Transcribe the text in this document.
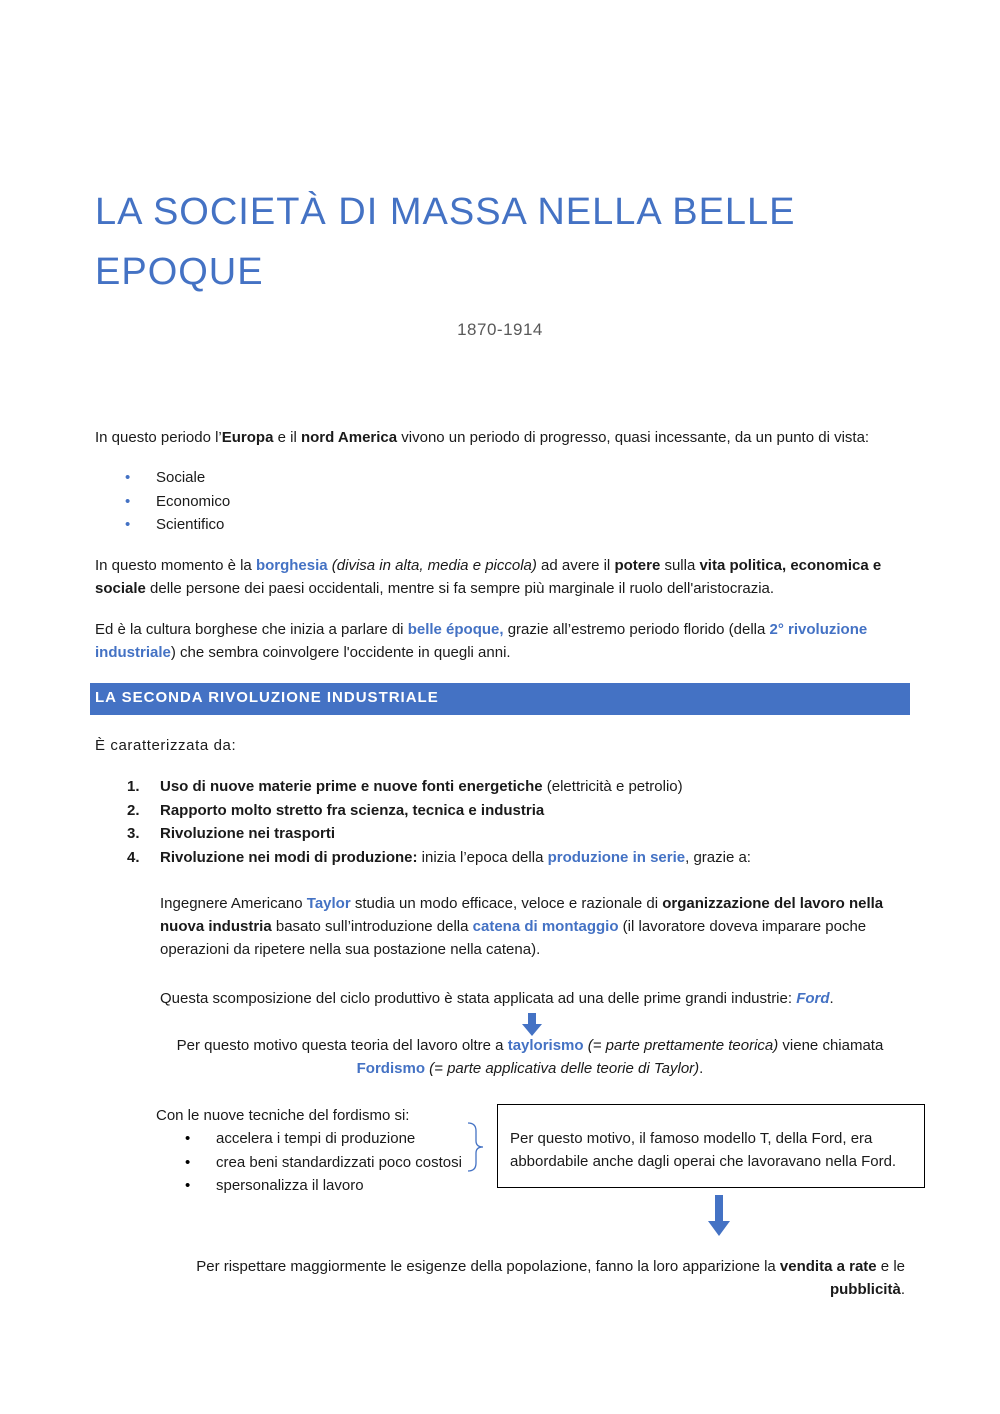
LA SOCIETÀ DI MASSA NELLA BELLE
EPOQUE
1870-1914
In questo periodo l’Europa e il nord America vivono un periodo di progresso, quasi incessante, da un punto di vista:
• Sociale
• Economico
• Scientifico
In questo momento è la borghesia (divisa in alta, media e piccola) ad avere il potere sulla vita politica, economica e
sociale delle persone dei paesi occidentali, mentre si fa sempre più marginale il ruolo dell'aristocrazia.
Ed è la cultura borghese che inizia a parlare di belle époque, grazie all’estremo periodo florido (della 2° rivoluzione
industriale) che sembra coinvolgere l'occidente in quegli anni.
LA SECONDA RIVOLUZIONE INDUSTRIALE
È caratterizzata da:
1. Uso di nuove materie prime e nuove fonti energetiche (elettricità e petrolio)
2. Rapporto molto stretto fra scienza, tecnica e industria
3. Rivoluzione nei trasporti
4. Rivoluzione nei modi di produzione: inizia l’epoca della produzione in serie, grazie a:
Ingegnere Americano Taylor studia un modo efficace, veloce e razionale di organizzazione del lavoro nella
nuova industria basato sull’introduzione della catena di montaggio (il lavoratore doveva imparare poche
operazioni da ripetere nella sua postazione nella catena).
Questa scomposizione del ciclo produttivo è stata applicata ad una delle prime grandi industrie: Ford.
Per questo motivo questa teoria del lavoro oltre a taylorismo (= parte prettamente teorica) viene chiamata
Fordismo (= parte applicativa delle teorie di Taylor).
Con le nuove tecniche del fordismo si:
• accelera i tempi di produzione
• crea beni standardizzati poco costosi
• spersonalizza il lavoro
Per questo motivo, il famoso modello T, della Ford, era
abbordabile anche dagli operai che lavoravano nella Ford.
Per rispettare maggiormente le esigenze della popolazione, fanno la loro apparizione la vendita a rate e le
pubblicità.
